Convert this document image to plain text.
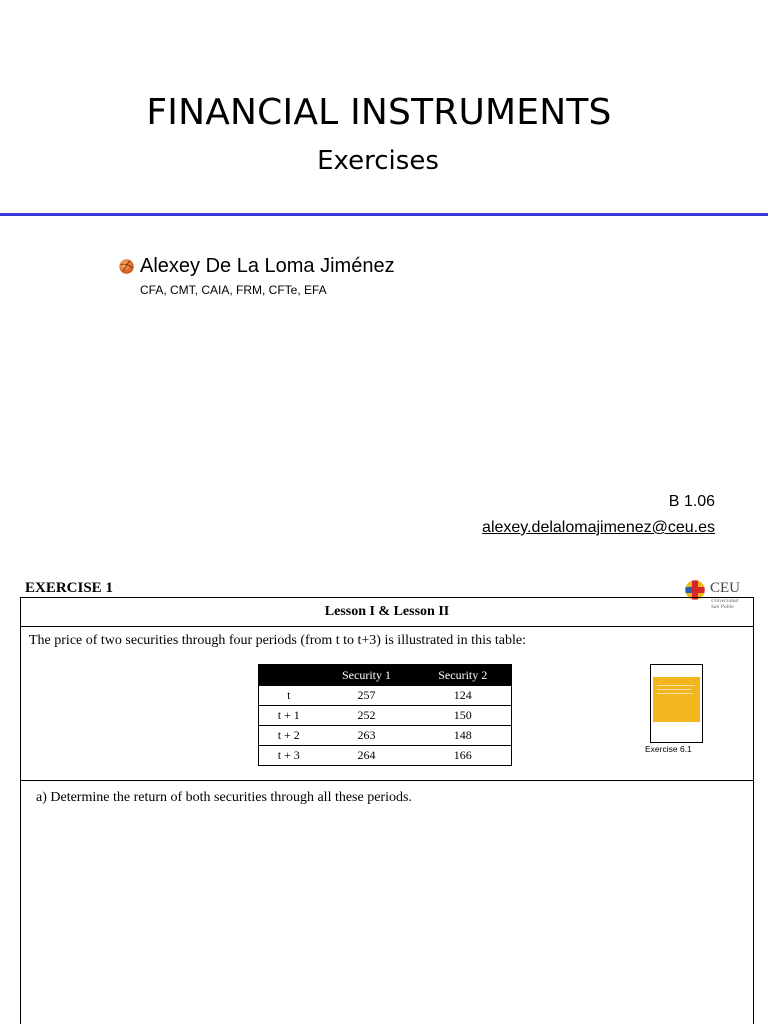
FINANCIAL INSTRUMENTS
Exercises
Alexey De La Loma Jiménez
CFA, CMT, CAIA, FRM, CFTe, EFA
B 1.06
alexey.delalomajimenez@ceu.es
EXERCISE 1	CEU
Universidad
San Pablo
Lesson I & Lesson II
The price of two securities through four periods (from t to t+3) is illustrated in this table:
	Security 1	Security 2
t	257	124
t + 1	252	150
t + 2	263	148
t + 3	264	166	Exercise 6.1
a) Determine the return of both securities through all these periods.
